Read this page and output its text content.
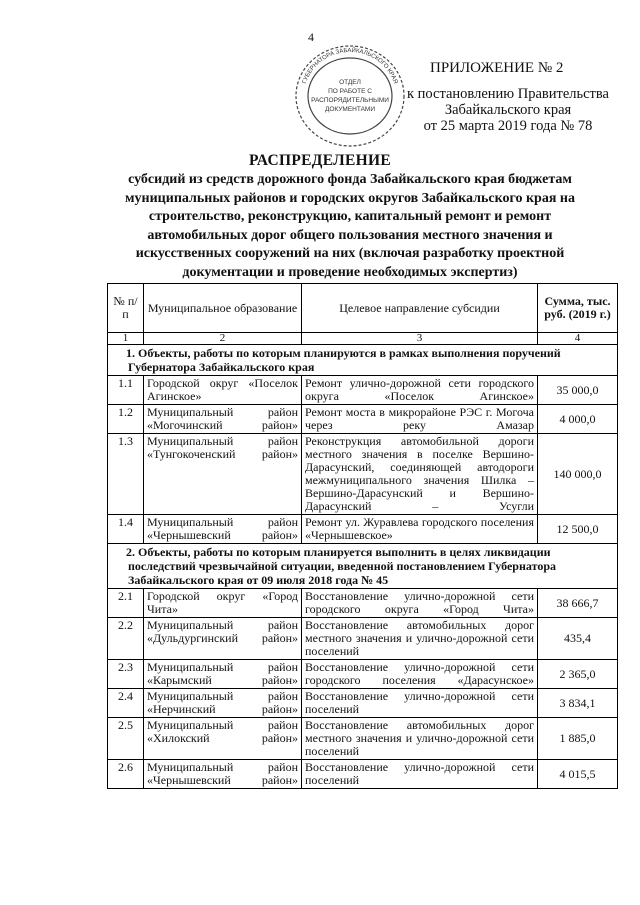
4
ОТДЕЛ
ПО РАБОТЕ С
РАСПОРЯДИТЕЛЬНЫМИ
ДОКУМЕНТАМИ
ГУБЕРНАТОРА ЗАБАЙКАЛЬСКОГО КРАЯ
ПРИЛОЖЕНИЕ № 2
к постановлению Правительства
Забайкальского края
от 25 марта 2019 года № 78
РАСПРЕДЕЛЕНИЕ
субсидий из средств дорожного фонда Забайкальского края бюджетам муниципальных районов и городских округов Забайкальского края на строительство, реконструкцию, капитальный ремонт и ремонт автомобильных дорог общего пользования местного значения и искусственных сооружений на них (включая разработку проектной документации и проведение необходимых экспертиз)
№ п/п	Муниципальное образование	Целевое направление субсидии	Сумма, тыс. руб. (2019 г.)
1	2	3	4
1. Объекты, работы по которым планируются в рамках выполнения поручений Губернатора Забайкальского края			
1.1	Городской округ «Поселок Агинское»	Ремонт улично-дорожной сети городского округа «Поселок Агинское»	35 000,0
1.2	Муниципальный район «Могочинский район»	Ремонт моста в микрорайоне РЭС г. Могоча через реку Амазар	4 000,0
1.3	Муниципальный район «Тунгокоченский район»	Реконструкция автомобильной дороги местного значения в поселке Вершино-Дарасунский, соединяющей автодороги межмуниципального значения Шилка – Вершино-Дарасунский и Вершино-Дарасунский – Усугли	140 000,0
1.4	Муниципальный район «Чернышевский район»	Ремонт ул. Журавлева городского поселения «Чернышевское»	12 500,0
2. Объекты, работы по которым планируется выполнить в целях ликвидации последствий чрезвычайной ситуации, введенной постановлением Губернатора Забайкальского края от 09 июля 2018 года № 45			
2.1	Городской округ «Город Чита»	Восстановление улично-дорожной сети городского округа «Город Чита»	38 666,7
2.2	Муниципальный район «Дульдургинский район»	Восстановление автомобильных дорог местного значения и улично-дорожной сети поселений	435,4
2.3	Муниципальный район «Карымский район»	Восстановление улично-дорожной сети городского поселения «Дарасунское»	2 365,0
2.4	Муниципальный район «Нерчинский район»	Восстановление улично-дорожной сети поселений	3 834,1
2.5	Муниципальный район «Хилокский район»	Восстановление автомобильных дорог местного значения и улично-дорожной сети поселений	1 885,0
2.6	Муниципальный район «Чернышевский район»	Восстановление улично-дорожной сети поселений	4 015,5
